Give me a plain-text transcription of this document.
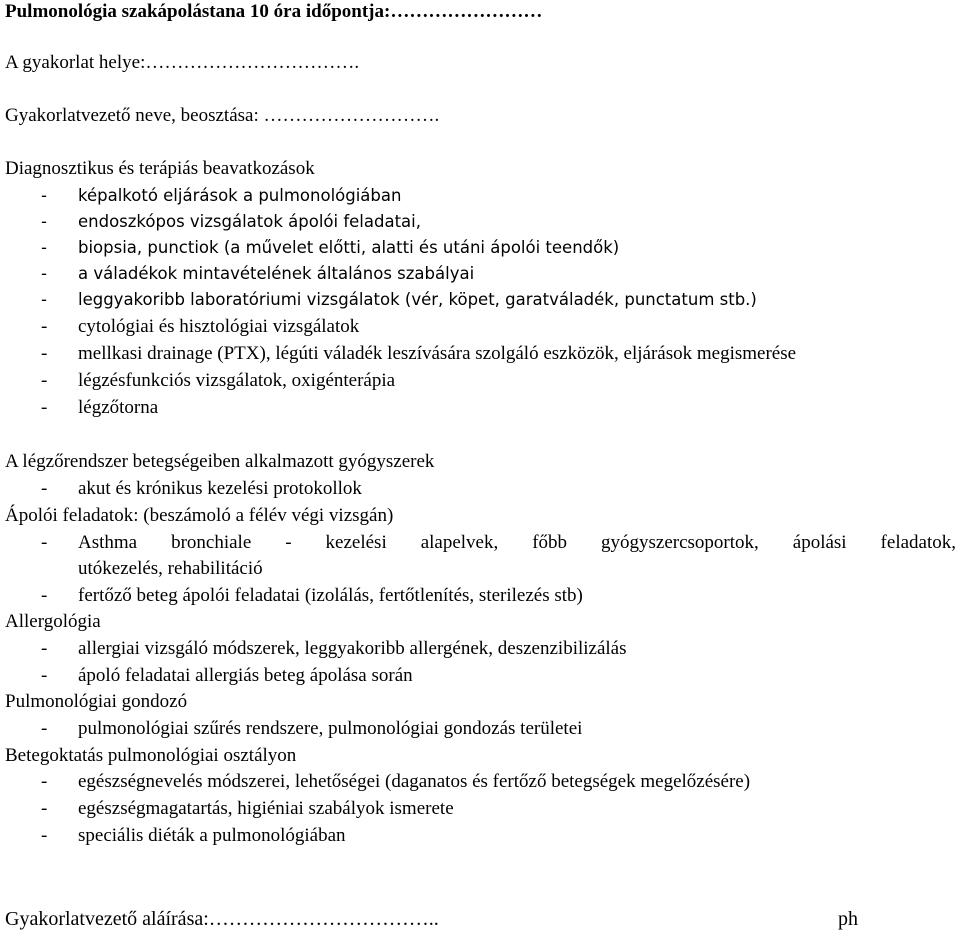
Pulmonológia szakápolástana 10 óra időpontja:……………………
A gyakorlat helye:…………………………….
Gyakorlatvezető neve, beosztása: ……………………….
Diagnosztikus és terápiás beavatkozások
- képalkotó eljárások a pulmonológiában
- endoszkópos vizsgálatok ápolói feladatai,
- biopsia, punctiok (a művelet előtti, alatti és utáni ápolói teendők)
- a váladékok mintavételének általános szabályai
- leggyakoribb laboratóriumi vizsgálatok (vér, köpet, garatváladék, punctatum stb.)
- cytológiai és hisztológiai vizsgálatok
- mellkasi drainage (PTX), légúti váladék leszívására szolgáló eszközök, eljárások megismerése
- légzésfunkciós vizsgálatok, oxigénterápia
- légzőtorna
A légzőrendszer betegségeiben alkalmazott gyógyszerek
- akut és krónikus kezelési protokollok
Ápolói feladatok: (beszámoló a félév végi vizsgán)
- Asthma bronchiale - kezelési alapelvek, főbb gyógyszercsoportok, ápolási feladatok,
utókezelés, rehabilitáció
- fertőző beteg ápolói feladatai (izolálás, fertőtlenítés, sterilezés stb)
Allergológia
- allergiai vizsgáló módszerek, leggyakoribb allergének, deszenzibilizálás
- ápoló feladatai allergiás beteg ápolása során
Pulmonológiai gondozó
- pulmonológiai szűrés rendszere, pulmonológiai gondozás területei
Betegoktatás pulmonológiai osztályon
- egészségnevelés módszerei, lehetőségei (daganatos és fertőző betegségek megelőzésére)
- egészségmagatartás, higiéniai szabályok ismerete
- speciális diéták a pulmonológiában
Gyakorlatvezető aláírása:……………………………..	ph
